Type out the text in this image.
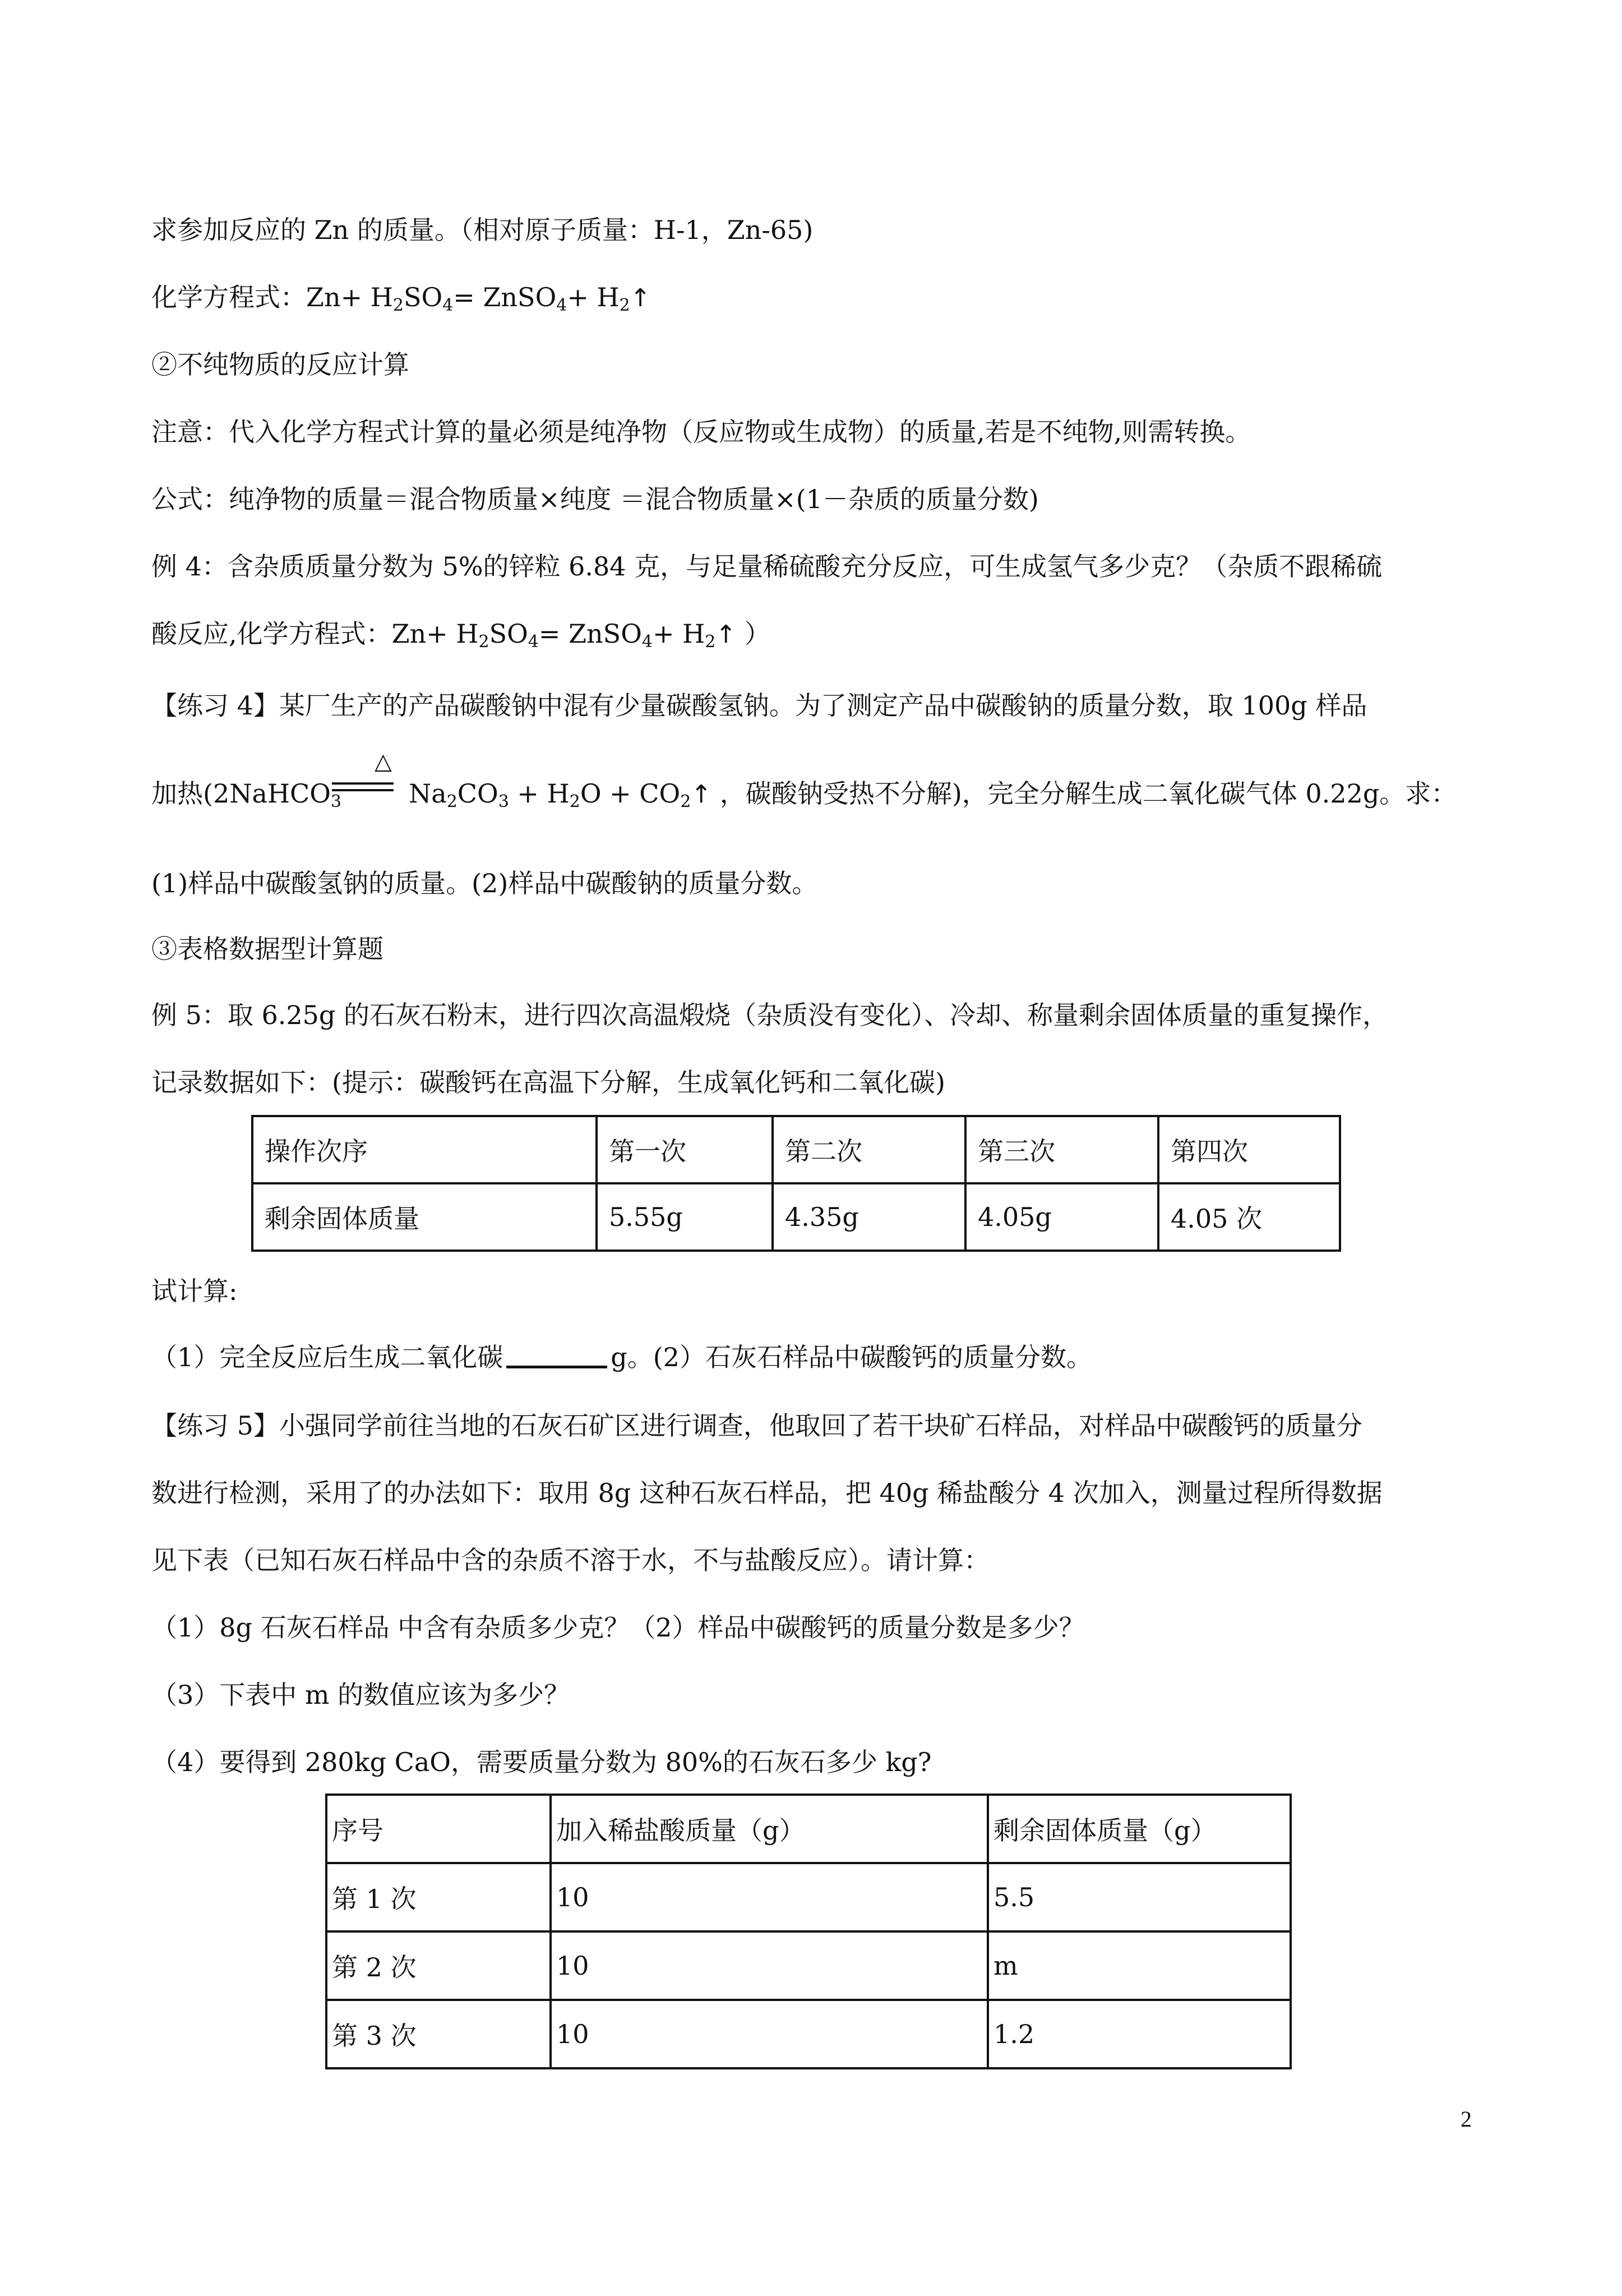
求参加反应的 Zn 的质量。（相对原子质量：H-1，Zn-65)
化学方程式：$Zn+ H_2SO_4=$ ZnSO$_4$+ $H_2↑$
②不纯物质的反应计算
注意：代入化学方程式计算的量必须是纯净物（反应物或生成物）的质量,若是不纯物,则需转换。
公式：纯净物的质量＝混合物质量×纯度 ＝混合物质量×(1－杂质的质量分数)
例 4：含杂质质量分数为 5%的锌粒 6.84 克，与足量稀硫酸充分反应，可生成氢气多少克？（杂质不跟稀硫
酸反应,化学方程式：$Zn+ H_2SO_4=$ ZnSO$_4$+ $H_2↑$ ）
【练习 4】某厂生产的产品碳酸钠中混有少量碳酸氢钠。为了测定产品中碳酸钠的质量分数，取 100g 样品
△
加热(2NaHCO$_3$	$Na_2CO_3 + H_2O$ + $CO_2↑$ ，碳酸钠受热不分解)，完全分解生成二氧化碳气体 0.22g。求：
(1)样品中碳酸氢钠的质量。(2)样品中碳酸钠的质量分数。
③表格数据型计算题
例 5：取 6.25g 的石灰石粉末，进行四次高温煅烧（杂质没有变化）、冷却、称量剩余固体质量的重复操作，
记录数据如下：(提示：碳酸钙在高温下分解，生成氧化钙和二氧化碳)
操作次序	第一次	第二次	第三次	第四次
剩余固体质量	5.55g	4.35g	4.05g	4.05 次
试计算:
（1）完全反应后生成二氧化碳	g。(2）石灰石样品中碳酸钙的质量分数。
【练习 5】小强同学前往当地的石灰石矿区进行调查，他取回了若干块矿石样品，对样品中碳酸钙的质量分
数进行检测，采用了的办法如下：取用 8g 这种石灰石样品，把 40g 稀盐酸分 4 次加入，测量过程所得数据
见下表（已知石灰石样品中含的杂质不溶于水，不与盐酸反应）。请计算：
（1）8g 石灰石样品 中含有杂质多少克？（2）样品中碳酸钙的质量分数是多少？
（3）下表中 m 的数值应该为多少？
（4）要得到 280kg CaO，需要质量分数为 80%的石灰石多少 kg?
序号	加入稀盐酸质量（g）	剩余固体质量（g）
第 1 次	10	5.5
第 2 次	10	m
第 3 次	10	1.2
2
